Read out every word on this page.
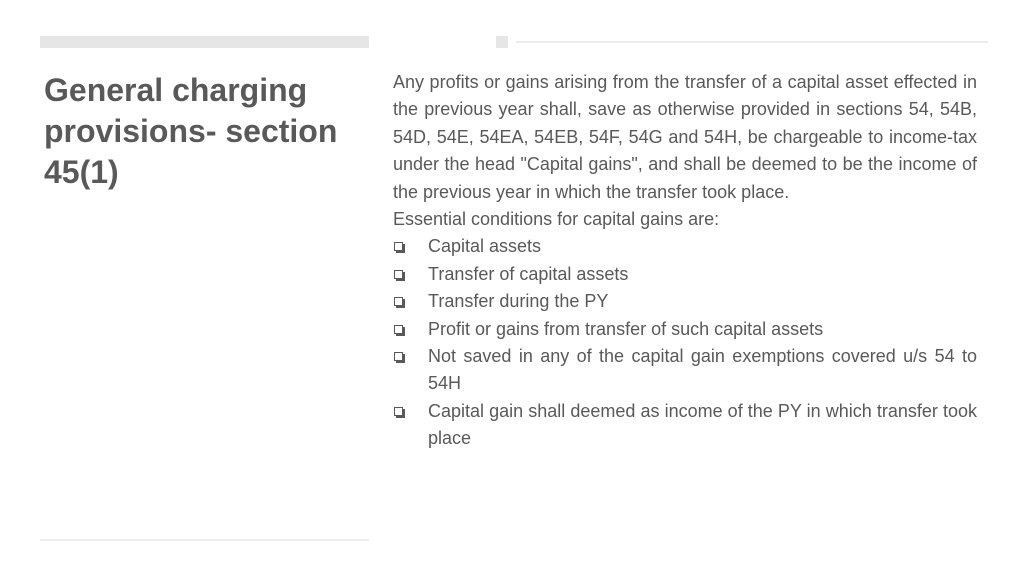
General charging provisions- section 45(1)

Any profits or gains arising from the transfer of a capital asset effected in the previous year shall, save as otherwise provided in sections 54, 54B, 54D, 54E, 54EA, 54EB, 54F, 54G and 54H, be chargeable to income-tax under the head "Capital gains", and shall be deemed to be the income of the previous year in which the transfer took place.

Essential conditions for capital gains are:

Capital assets
Transfer of capital assets
Transfer during the PY
Profit or gains from transfer of such capital assets
Not saved in any of the capital gain exemptions covered u/s 54 to 54H
Capital gain shall deemed as income of the PY in which transfer took place
